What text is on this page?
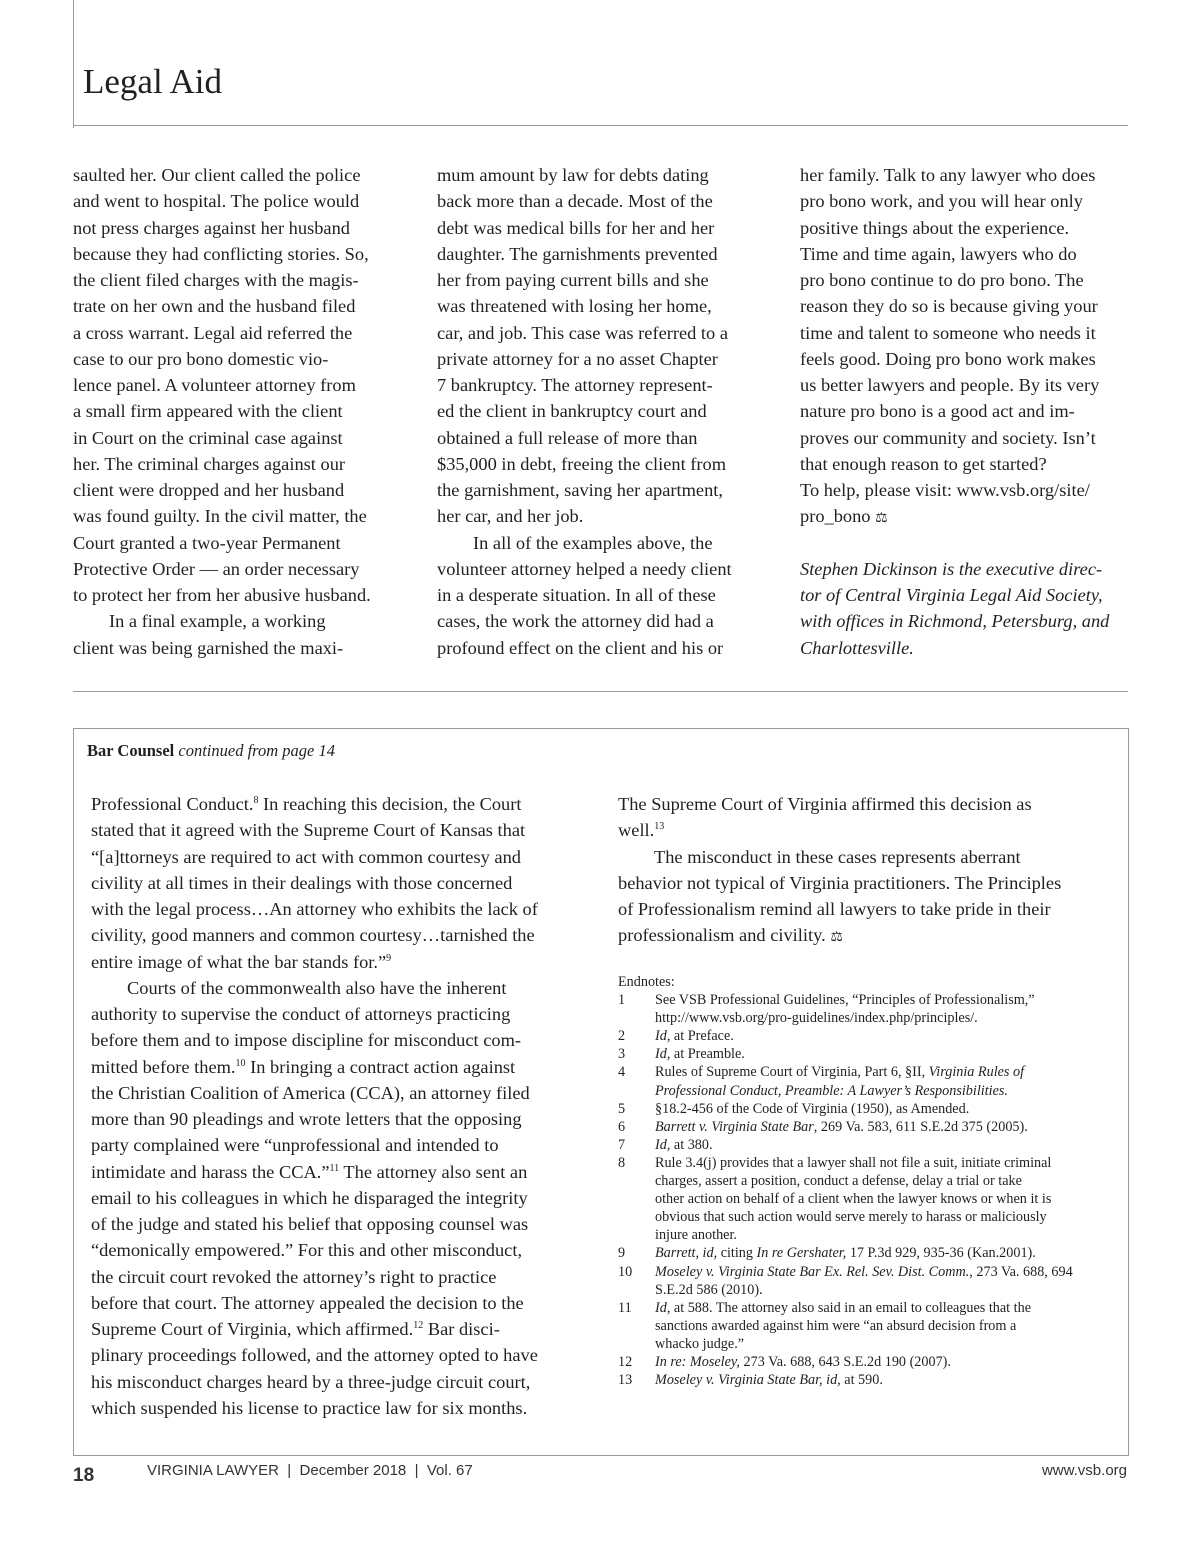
Legal Aid
saulted her. Our client called the police
and went to hospital. The police would
not press charges against her husband
because they had conflicting stories. So,
the client filed charges with the magis-
trate on her own and the husband filed
a cross warrant. Legal aid referred the
case to our pro bono domestic vio-
lence panel. A volunteer attorney from
a small firm appeared with the client
in Court on the criminal case against
her. The criminal charges against our
client were dropped and her husband
was found guilty. In the civil matter, the
Court granted a two-year Permanent
Protective Order — an order necessary
to protect her from her abusive husband.
In a final example, a working
client was being garnished the maxi-
mum amount by law for debts dating
back more than a decade. Most of the
debt was medical bills for her and her
daughter. The garnishments prevented
her from paying current bills and she
was threatened with losing her home,
car, and job. This case was referred to a
private attorney for a no asset Chapter
7 bankruptcy. The attorney represent-
ed the client in bankruptcy court and
obtained a full release of more than
$35,000 in debt, freeing the client from
the garnishment, saving her apartment,
her car, and her job.
In all of the examples above, the
volunteer attorney helped a needy client
in a desperate situation. In all of these
cases, the work the attorney did had a
profound effect on the client and his or
her family. Talk to any lawyer who does
pro bono work, and you will hear only
positive things about the experience.
Time and time again, lawyers who do
pro bono continue to do pro bono. The
reason they do so is because giving your
time and talent to someone who needs it
feels good. Doing pro bono work makes
us better lawyers and people. By its very
nature pro bono is a good act and im-
proves our community and society. Isn’t
that enough reason to get started?
To help, please visit: www.vsb.org/site/
pro_bono ⚖
Stephen Dickinson is the executive direc-
tor of Central Virginia Legal Aid Society,
with offices in Richmond, Petersburg, and
Charlottesville.
Bar Counsel continued from page 14
Professional Conduct.$^8$ In reaching this decision, the Court
stated that it agreed with the Supreme Court of Kansas that
“[a]ttorneys are required to act with common courtesy and
civility at all times in their dealings with those concerned
with the legal process…An attorney who exhibits the lack of
civility, good manners and common courtesy…tarnished the
entire image of what the bar stands for.”$^9$
Courts of the commonwealth also have the inherent
authority to supervise the conduct of attorneys practicing
before them and to impose discipline for misconduct com-
mitted before them.$^{10}$ In bringing a contract action against
the Christian Coalition of America (CCA), an attorney filed
more than 90 pleadings and wrote letters that the opposing
party complained were “unprofessional and intended to
intimidate and harass the CCA.”$^{11}$ The attorney also sent an
email to his colleagues in which he disparaged the integrity
of the judge and stated his belief that opposing counsel was
“demonically empowered.” For this and other misconduct,
the circuit court revoked the attorney’s right to practice
before that court. The attorney appealed the decision to the
Supreme Court of Virginia, which affirmed.$^{12}$ Bar disci-
plinary proceedings followed, and the attorney opted to have
his misconduct charges heard by a three-judge circuit court,
which suspended his license to practice law for six months.
The Supreme Court of Virginia affirmed this decision as
well.$^{13}$
The misconduct in these cases represents aberrant
behavior not typical of Virginia practitioners. The Principles
of Professionalism remind all lawyers to take pride in their
professionalism and civility. ⚖
Endnotes:
1	See VSB Professional Guidelines, “Principles of Professionalism,”
http://www.vsb.org/pro-guidelines/index.php/principles/.
2	Id, at Preface.
3	Id, at Preamble.
4	Rules of Supreme Court of Virginia, Part 6, §II, Virginia Rules of
Professional Conduct, Preamble: A Lawyer’s Responsibilities.
5	§18.2-456 of the Code of Virginia (1950), as Amended.
6	Barrett v. Virginia State Bar, 269 Va. 583, 611 S.E.2d 375 (2005).
7	Id, at 380.
8	Rule 3.4(j) provides that a lawyer shall not file a suit, initiate criminal
charges, assert a position, conduct a defense, delay a trial or take
other action on behalf of a client when the lawyer knows or when it is
obvious that such action would serve merely to harass or maliciously
injure another.
9	Barrett, id, citing In re Gershater, 17 P.3d 929, 935-36 (Kan.2001).
10	Moseley v. Virginia State Bar Ex. Rel. Sev. Dist. Comm., 273 Va. 688, 694
S.E.2d 586 (2010).
11	Id, at 588. The attorney also said in an email to colleagues that the
sanctions awarded against him were “an absurd decision from a
whacko judge.”
12	In re: Moseley, 273 Va. 688, 643 S.E.2d 190 (2007).
13	Moseley v. Virginia State Bar, id, at 590.
18	VIRGINIA LAWYER  |  December 2018  |  Vol. 67	www.vsb.org
